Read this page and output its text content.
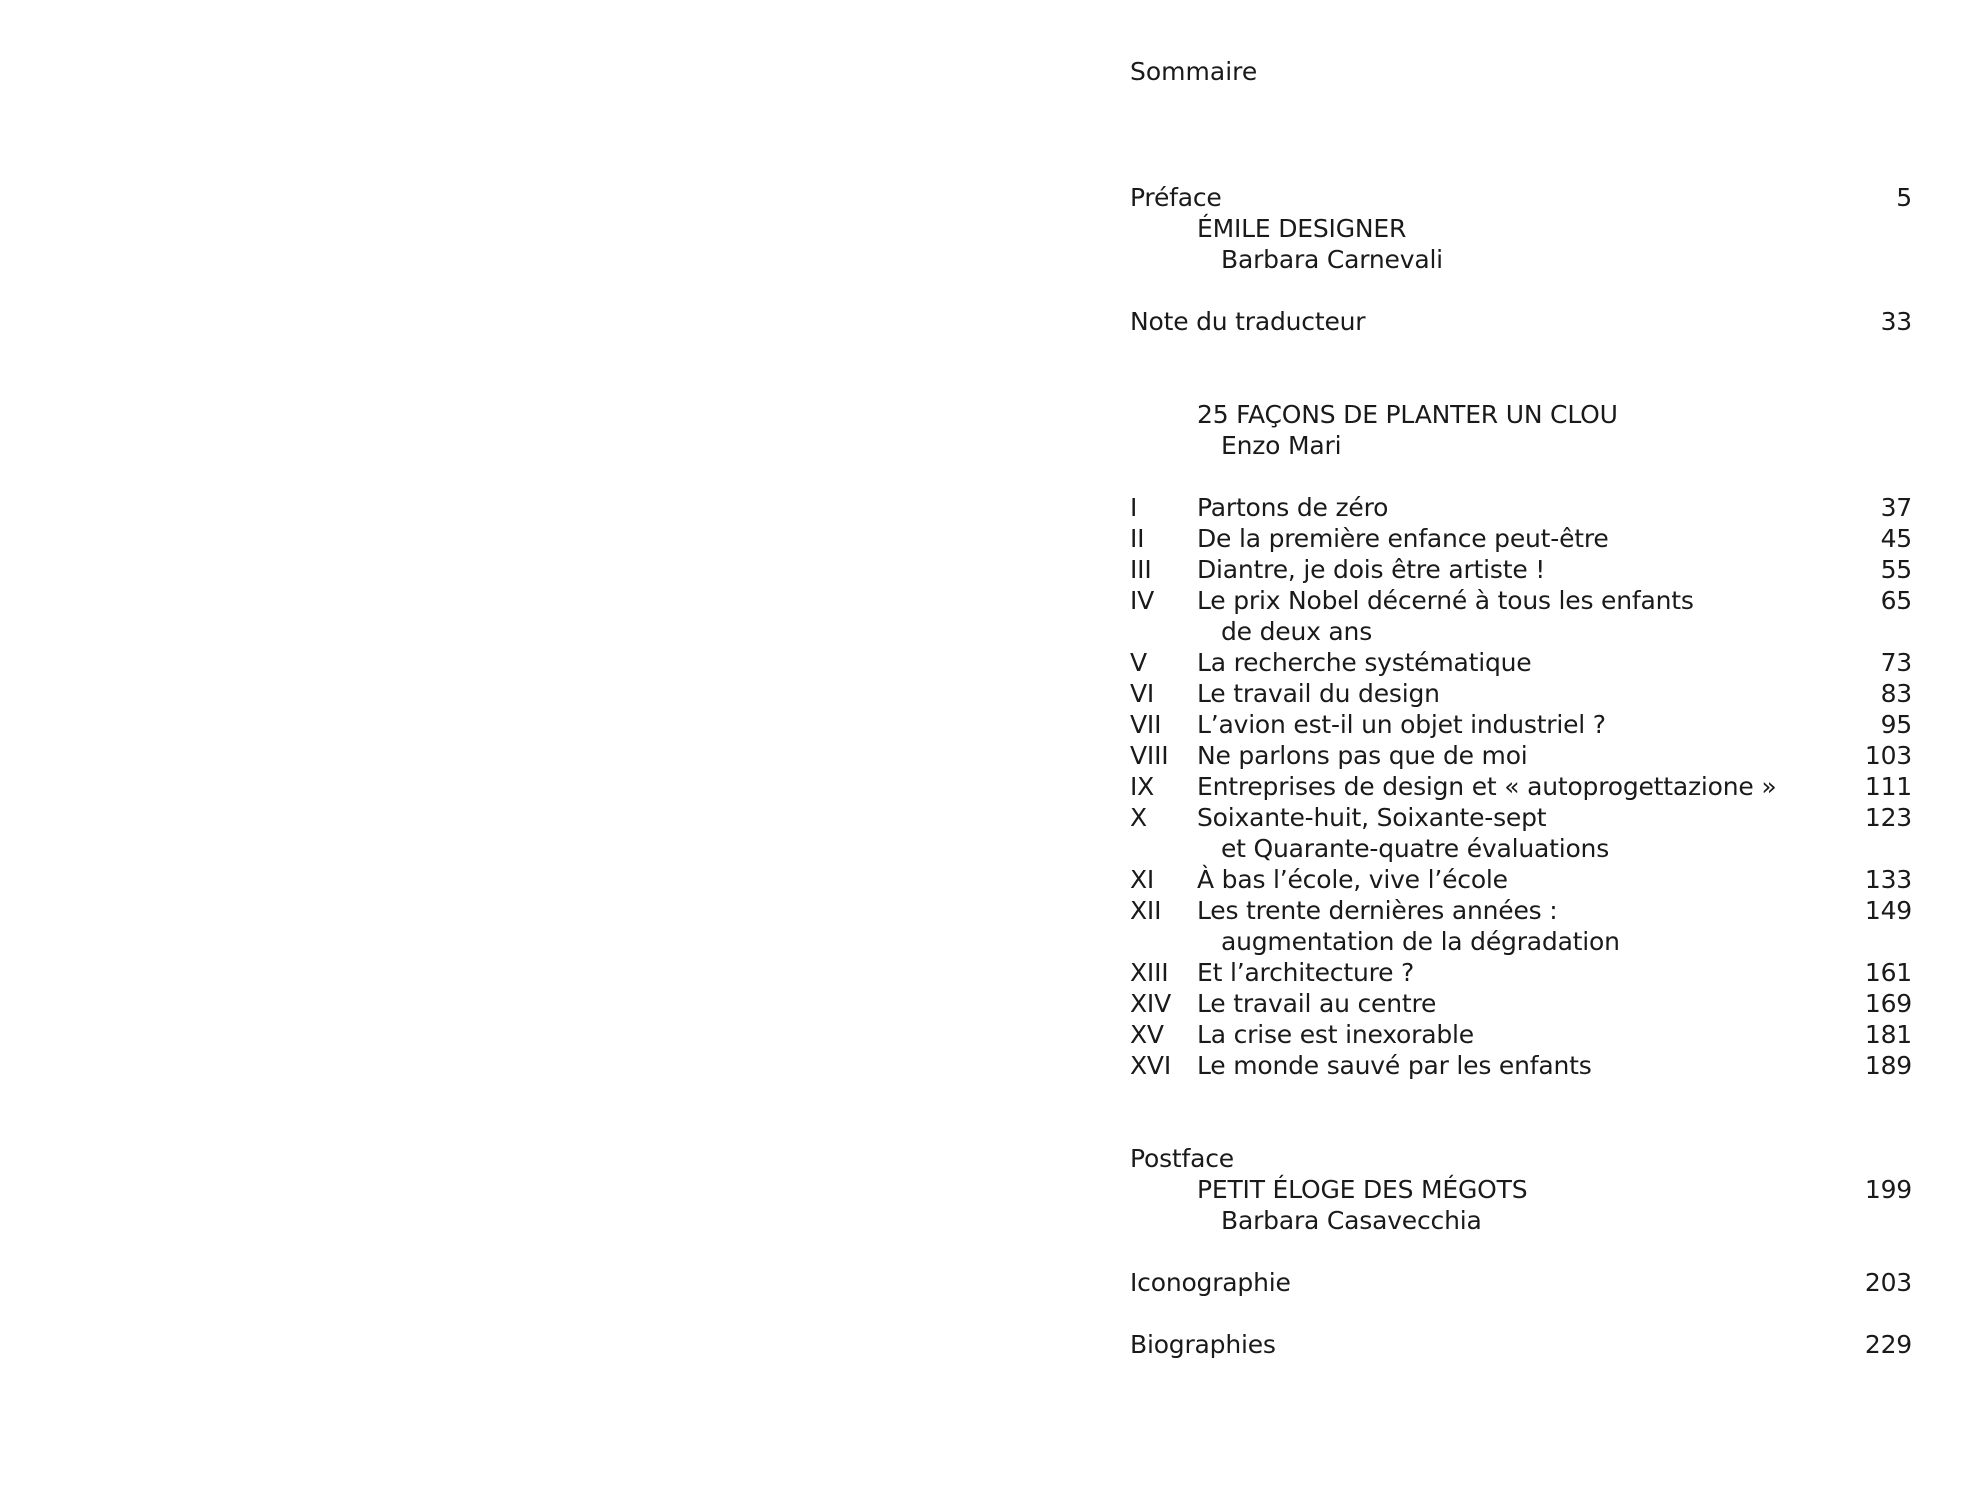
Sommaire
Préface	5
ÉMILE DESIGNER
Barbara Carnevali
Note du traducteur	33
25 FAÇONS DE PLANTER UN CLOU
Enzo Mari
I Partons de zéro	37
II De la première enfance peut-être	45
III Diantre, je dois être artiste !	55
IV Le prix Nobel décerné à tous les enfants	65
de deux ans
V La recherche systématique	73
VI Le travail du design	83
VII L’avion est-il un objet industriel ?	95
VIII Ne parlons pas que de moi	103
IX Entreprises de design et « autoprogettazione »	111
X Soixante-huit, Soixante-sept	123
et Quarante-quatre évaluations
XI À bas l’école, vive l’école	133
XII Les trente dernières années :	149
augmentation de la dégradation
XIII Et l’architecture ?	161
XIV Le travail au centre	169
XV La crise est inexorable	181
XVI Le monde sauvé par les enfants	189
Postface
PETIT ÉLOGE DES MÉGOTS	199
Barbara Casavecchia
Iconographie	203
Biographies	229
